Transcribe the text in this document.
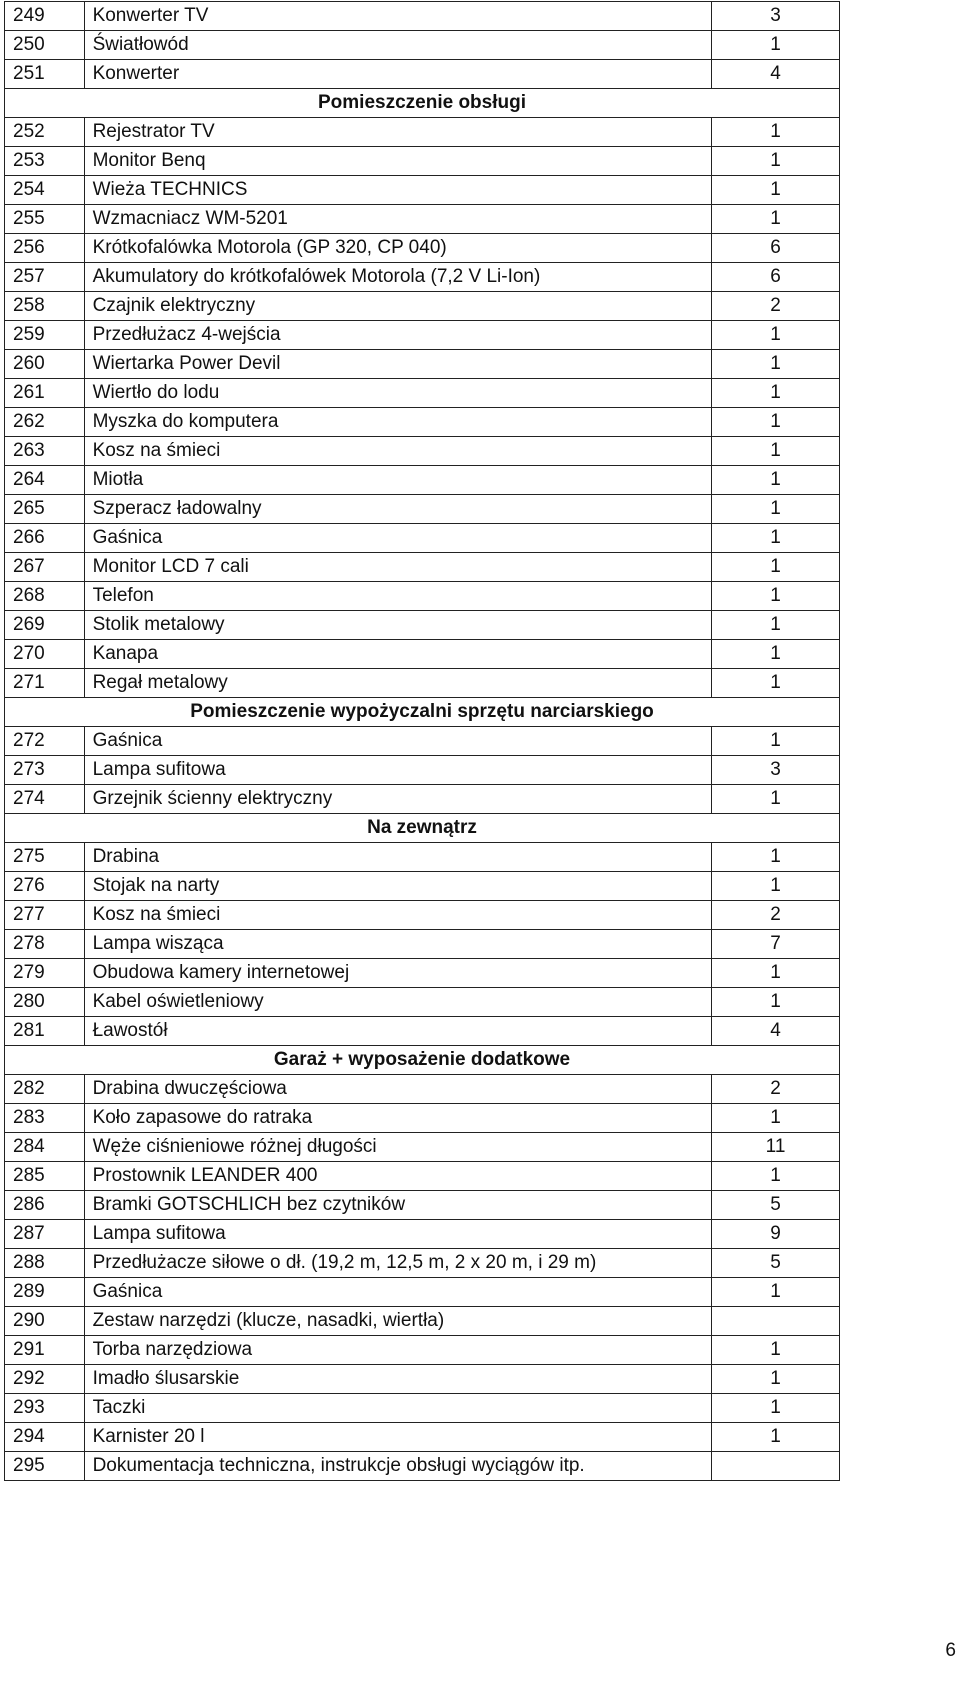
249	Konwerter TV	3
250	Światłowód	1
251	Konwerter	4
Pomieszczenie obsługi		
252	Rejestrator TV	1
253	Monitor Benq	1
254	Wieża TECHNICS	1
255	Wzmacniacz WM-5201	1
256	Krótkofalówka Motorola (GP 320, CP 040)	6
257	Akumulatory do krótkofalówek Motorola (7,2 V Li-Ion)	6
258	Czajnik elektryczny	2
259	Przedłużacz 4-wejścia	1
260	Wiertarka Power Devil	1
261	Wiertło do lodu	1
262	Myszka do komputera	1
263	Kosz na śmieci	1
264	Miotła	1
265	Szperacz ładowalny	1
266	Gaśnica	1
267	Monitor LCD 7 cali	1
268	Telefon	1
269	Stolik metalowy	1
270	Kanapa	1
271	Regał metalowy	1
Pomieszczenie wypożyczalni sprzętu narciarskiego		
272	Gaśnica	1
273	Lampa sufitowa	3
274	Grzejnik ścienny elektryczny	1
Na zewnątrz		
275	Drabina	1
276	Stojak na narty	1
277	Kosz na śmieci	2
278	Lampa wisząca	7
279	Obudowa kamery internetowej	1
280	Kabel oświetleniowy	1
281	Ławostół	4
Garaż + wyposażenie dodatkowe		
282	Drabina dwuczęściowa	2
283	Koło zapasowe do ratraka	1
284	Węże ciśnieniowe różnej długości	11
285	Prostownik LEANDER 400	1
286	Bramki GOTSCHLICH bez czytników	5
287	Lampa sufitowa	9
288	Przedłużacze siłowe o dł. (19,2 m, 12,5 m, 2 x 20 m, i 29 m)	5
289	Gaśnica	1
290	Zestaw narzędzi (klucze, nasadki, wiertła)	
291	Torba narzędziowa	1
292	Imadło ślusarskie	1
293	Taczki	1
294	Karnister 20 l	1
295	Dokumentacja techniczna, instrukcje obsługi wyciągów itp.	
6
